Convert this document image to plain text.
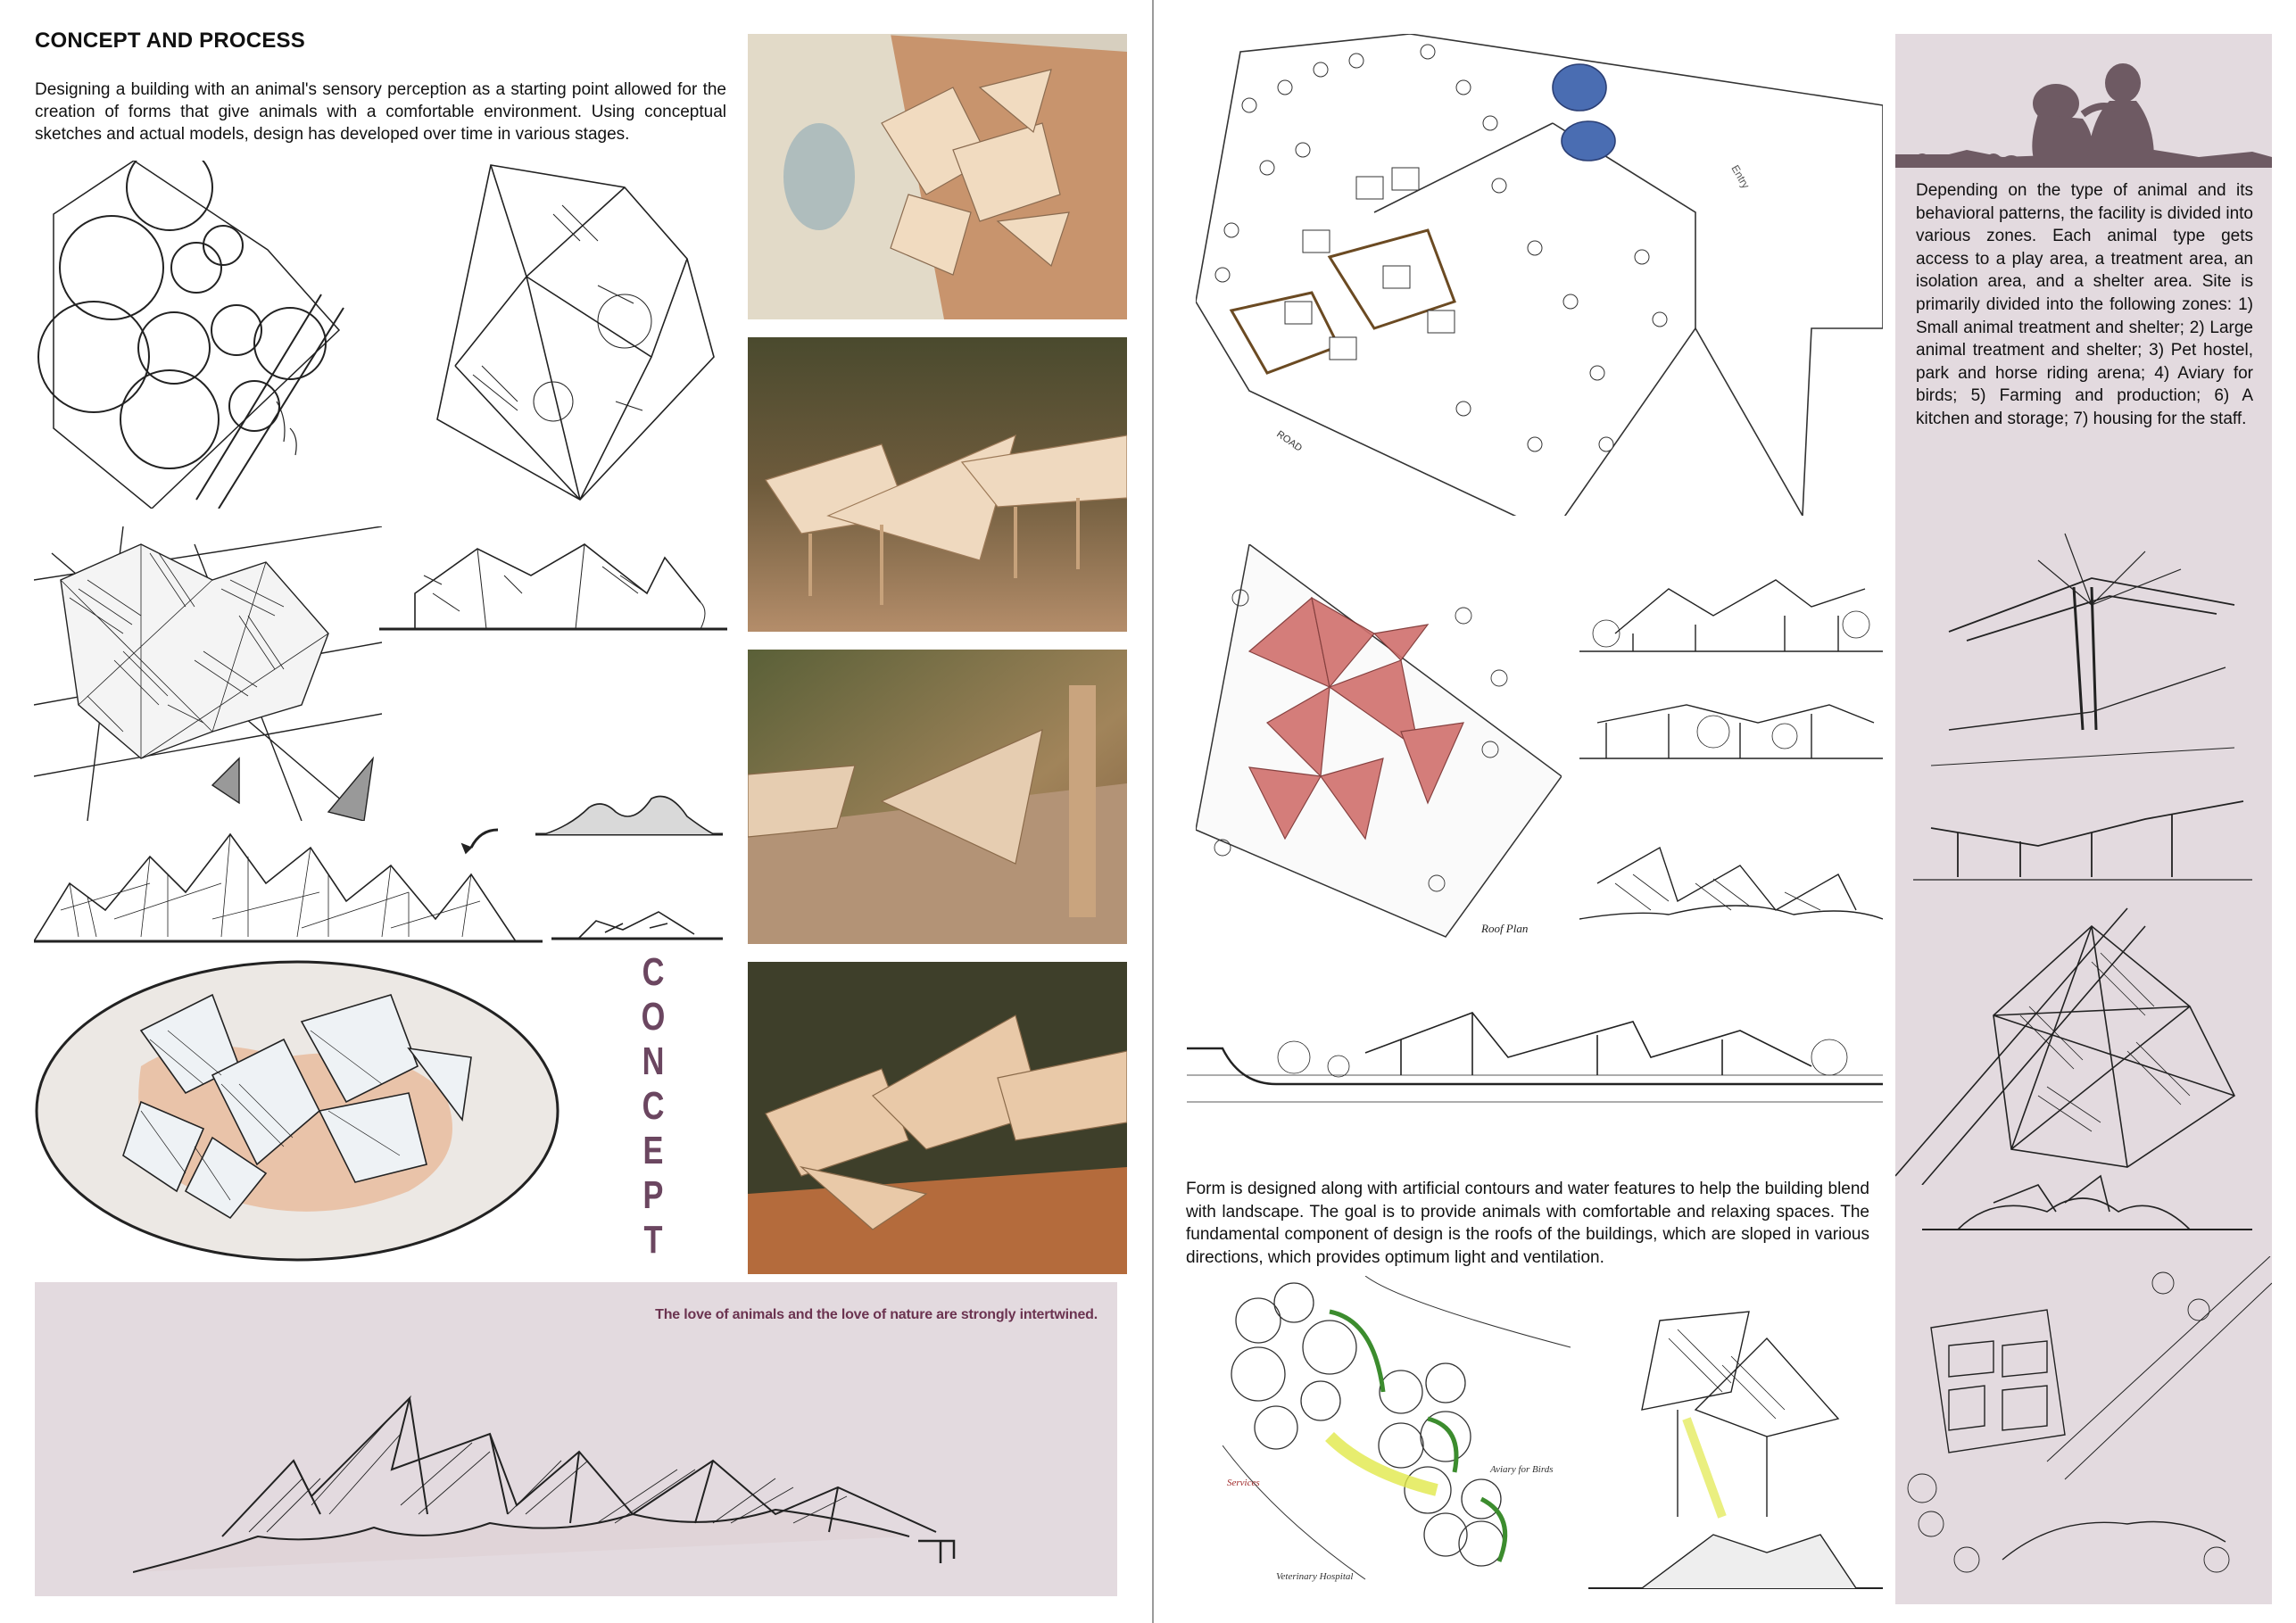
CONCEPT AND PROCESS
Designing a building with an animal's sensory perception as a starting point allowed for the creation of forms that give animals with a comfortable environment. Using conceptual sketches and actual models, design has developed over time in various stages.
C
O
N
C
E
P
T
The love of animals and the love of nature are strongly intertwined.
ROAD
Entry
Roof Plan
Form is designed along with artificial contours and water features to help the building blend with landscape. The goal is to provide animals with comfortable and relaxing spaces. The fundamental component of design is the roofs of the buildings, which are sloped in various directions, which provides optimum light and ventilation.
Services
Veterinary Hospital
Aviary for Birds
Depending on the type of animal and its behavioral patterns, the facility is divided into various zones. Each animal type gets access to a play area, a treatment area, an isolation area, and a shelter area. Site is primarily divided into the following zones: 1) Small animal treatment and shelter; 2) Large animal treatment and shelter; 3) Pet hostel, park and horse riding arena; 4) Aviary for birds; 5) Farming and production; 6) A kitchen and storage; 7) housing for the staff.
